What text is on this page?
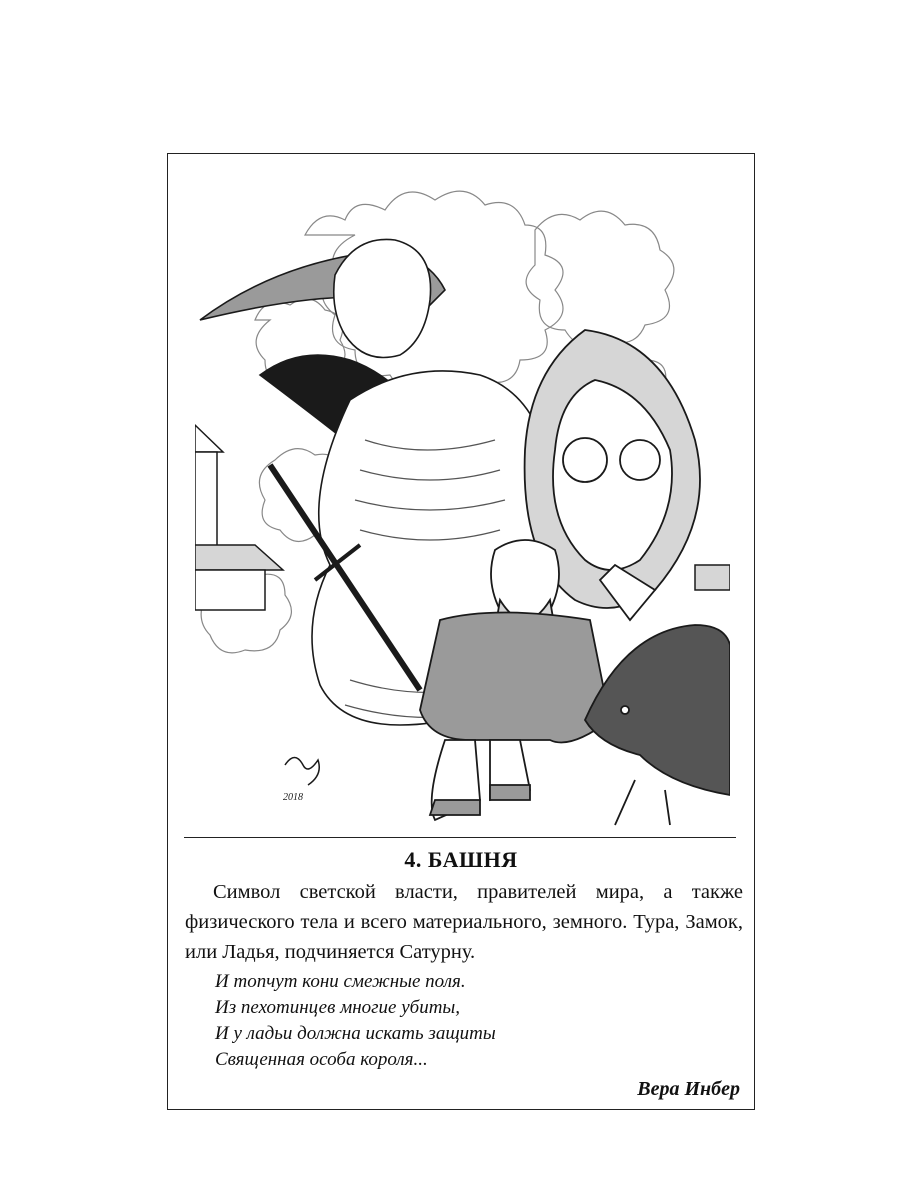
2018
4. БАШНЯ

Символ светской власти, правителей мира, а также физического тела и всего материального, земного. Тура, Замок, или Ладья, подчиняется Сатурну.

И топчут кони смежные поля.
Из пехотинцев многие убиты,
И у ладьи должна искать защиты
Священная особа короля...
Вера Инбер
